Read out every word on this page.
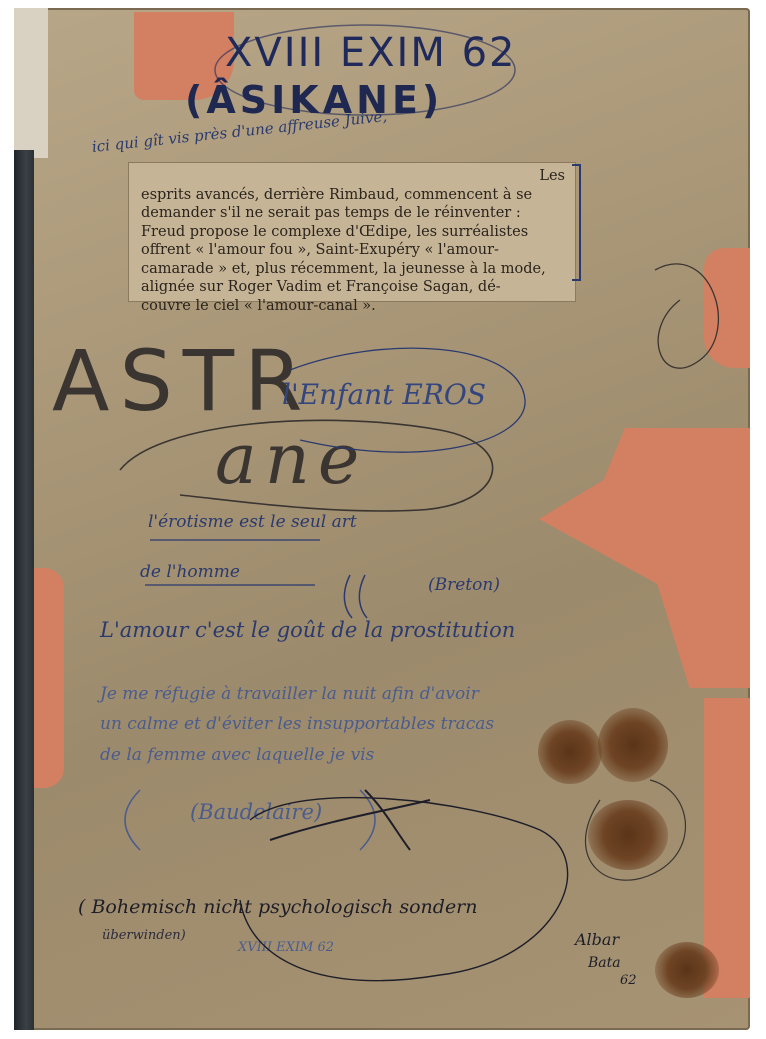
XVIII EXIM 62
(ÂSIKANE)
ici qui gît vis près d'une affreuse Juive,
Les
esprits avancés, derrière Rimbaud, commencent à se
demander s'il ne serait pas temps de le réinventer :
Freud propose le complexe d'Œdipe, les surréalistes
offrent « l'amour fou », Saint-Exupéry « l'amour-
camarade » et, plus récemment, la jeunesse à la mode,
alignée sur Roger Vadim et Françoise Sagan, dé-
couvre le ciel « l'amour-canal ».
ASTR
ane
l'Enfant EROS
l'érotisme est le seul art
de l'homme
(Breton)
L'amour c'est le goût de la prostitution
Je me réfugie à travailler la nuit afin d'avoir
un calme et d'éviter les insupportables tracas
de la femme avec laquelle je vis
(Baudelaire)
( Bohemisch nicht psychologisch sondern
überwinden)
XVIII EXIM 62	Albar
Bata
62
